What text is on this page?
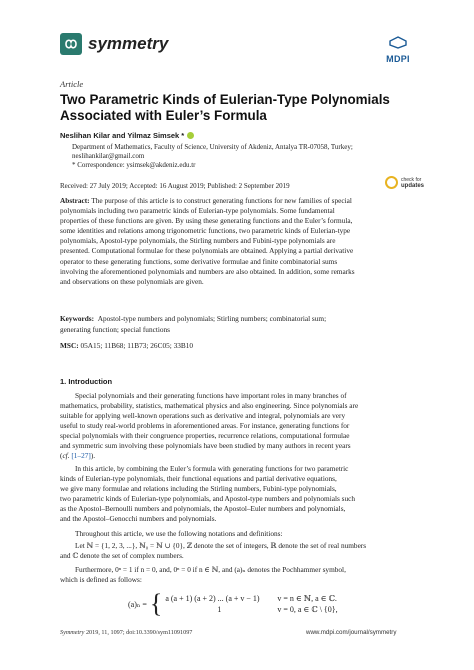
symmetry
MDPI
Article
Two Parametric Kinds of Eulerian-Type Polynomials
Associated with Euler’s Formula
Neslihan Kilar and Yilmaz Simsek *
Department of Mathematics, Faculty of Science, University of Akdeniz, Antalya TR-07058, Turkey;
neslihankilar@gmail.com
* Correspondence: ysimsek@akdeniz.edu.tr
Received: 27 July 2019; Accepted: 16 August 2019; Published: 2 September 2019
check for
updates
Abstract: The purpose of this article is to construct generating functions for new families of special
polynomials including two parametric kinds of Eulerian-type polynomials. Some fundamental
properties of these functions are given. By using these generating functions and the Euler’s formula,
some identities and relations among trigonometric functions, two parametric kinds of Eulerian-type
polynomials, Apostol-type polynomials, the Stirling numbers and Fubini-type polynomials are
presented. Computational formulae for these polynomials are obtained. Applying a partial derivative
operator to these generating functions, some derivative formulae and finite combinatorial sums
involving the aforementioned polynomials and numbers are also obtained. In addition, some remarks
and observations on these polynomials are given.
Keywords: Apostol-type numbers and polynomials; Stirling numbers; combinatorial sum;
generating function; special functions
MSC: 05A15; 11B68; 11B73; 26C05; 33B10
1. Introduction
Special polynomials and their generating functions have important roles in many branches of
mathematics, probability, statistics, mathematical physics and also engineering. Since polynomials are
suitable for applying well-known operations such as derivative and integral, polynomials are very
useful to study real-world problems in aforementioned areas. For instance, generating functions for
special polynomials with their congruence properties, recurrence relations, computational formulae
and symmetric sum involving these polynomials have been studied by many authors in recent years
(cf. [1–27]).
In this article, by combining the Euler’s formula with generating functions for two parametric
kinds of Eulerian-type polynomials, their functional equations and partial derivative equations,
we give many formulae and relations including the Stirling numbers, Fubini-type polynomials,
two parametric kinds of Eulerian-type polynomials, and Apostol-type numbers and polynomials such
as the Apostol–Bernoulli numbers and polynomials, the Apostol–Euler numbers and polynomials,
and the Apostol–Genocchi numbers and polynomials.
Throughout this article, we use the following notations and definitions:
Let ℕ = {1, 2, 3, ...}, ℕ₀ = ℕ ∪ {0}, ℤ denote the set of integers, ℝ denote the set of real numbers
and ℂ denote the set of complex numbers.
Furthermore, 0ⁿ = 1 if n = 0, and, 0ⁿ = 0 if n ∈ ℕ, and (a)ₙ denotes the Pochhammer symbol,
which is defined as follows:
(a)ₙ = { a (a + 1) (a + 2) ... (a + v − 1)	v = n ∈ ℕ, a ∈ ℂ.
1	v = 0, a ∈ ℂ \ {0},
Symmetry 2019, 11, 1097; doi:10.3390/sym11091097	www.mdpi.com/journal/symmetry
